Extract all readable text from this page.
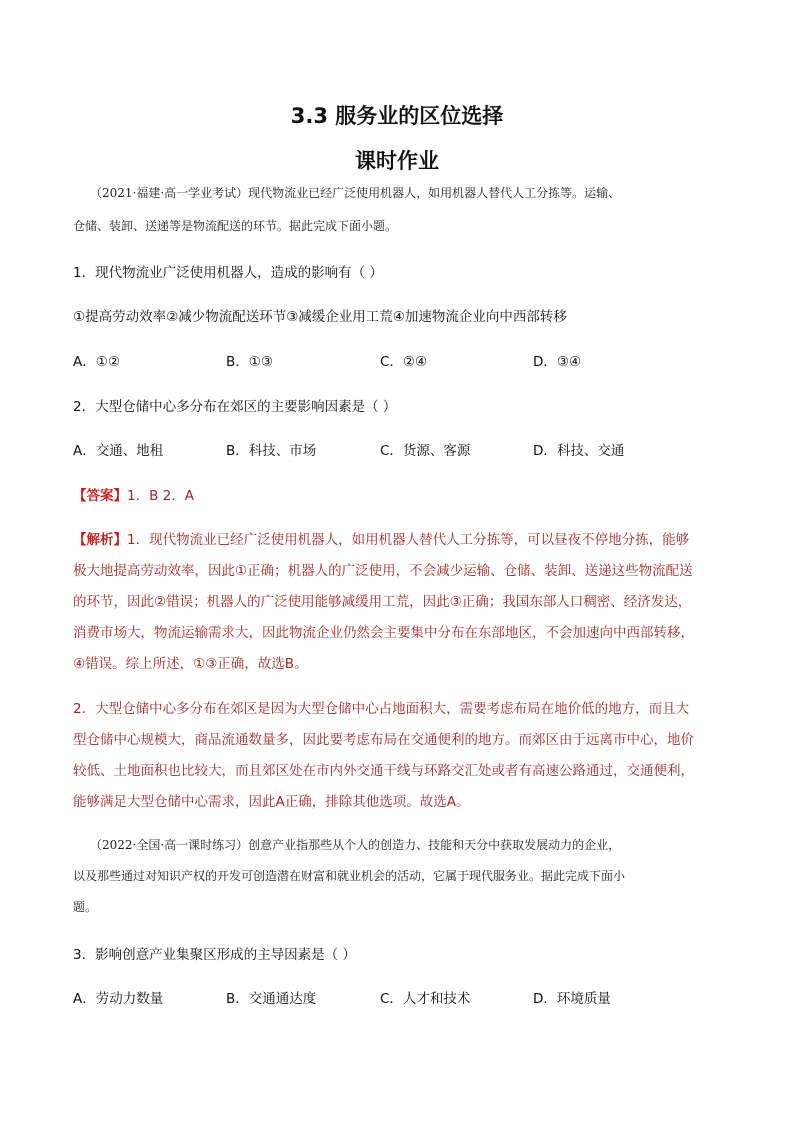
3.3 服务业的区位选择
课时作业
（2021·福建·高一学业考试）现代物流业已经广泛使用机器人，如用机器人替代人工分拣等。运输、
仓储、装卸、送递等是物流配送的环节。据此完成下面小题。
1．现代物流业广泛使用机器人，造成的影响有（ ）
①提高劳动效率②减少物流配送环节③减缓企业用工荒④加速物流企业向中西部转移
A．①②	B．①③	C．②④	D．③④
2．大型仓储中心多分布在郊区的主要影响因素是（ ）
A．交通、地租	B．科技、市场	C．货源、客源	D．科技、交通
【答案】1．B 2．A
【解析】1．现代物流业已经广泛使用机器人，如用机器人替代人工分拣等，可以昼夜不停地分拣，能够
极大地提高劳动效率，因此①正确；机器人的广泛使用，不会减少运输、仓储、装卸、送递这些物流配送
的环节，因此②错误；机器人的广泛使用能够减缓用工荒，因此③正确；我国东部人口稠密、经济发达，
消费市场大，物流运输需求大，因此物流企业仍然会主要集中分布在东部地区，不会加速向中西部转移，
④错误。综上所述，①③正确，故选B。
2．大型仓储中心多分布在郊区是因为大型仓储中心占地面积大，需要考虑布局在地价低的地方，而且大
型仓储中心规模大，商品流通数量多，因此要考虑布局在交通便利的地方。而郊区由于远离市中心，地价
较低、土地面积也比较大，而且郊区处在市内外交通干线与环路交汇处或者有高速公路通过，交通便利，
能够满足大型仓储中心需求，因此A正确，排除其他选项。故选A。
（2022·全国·高一课时练习）创意产业指那些从个人的创造力、技能和天分中获取发展动力的企业，
以及那些通过对知识产权的开发可创造潜在财富和就业机会的活动，它属于现代服务业。据此完成下面小
题。
3．影响创意产业集聚区形成的主导因素是（ ）
A．劳动力数量	B．交通通达度	C．人才和技术	D．环境质量
